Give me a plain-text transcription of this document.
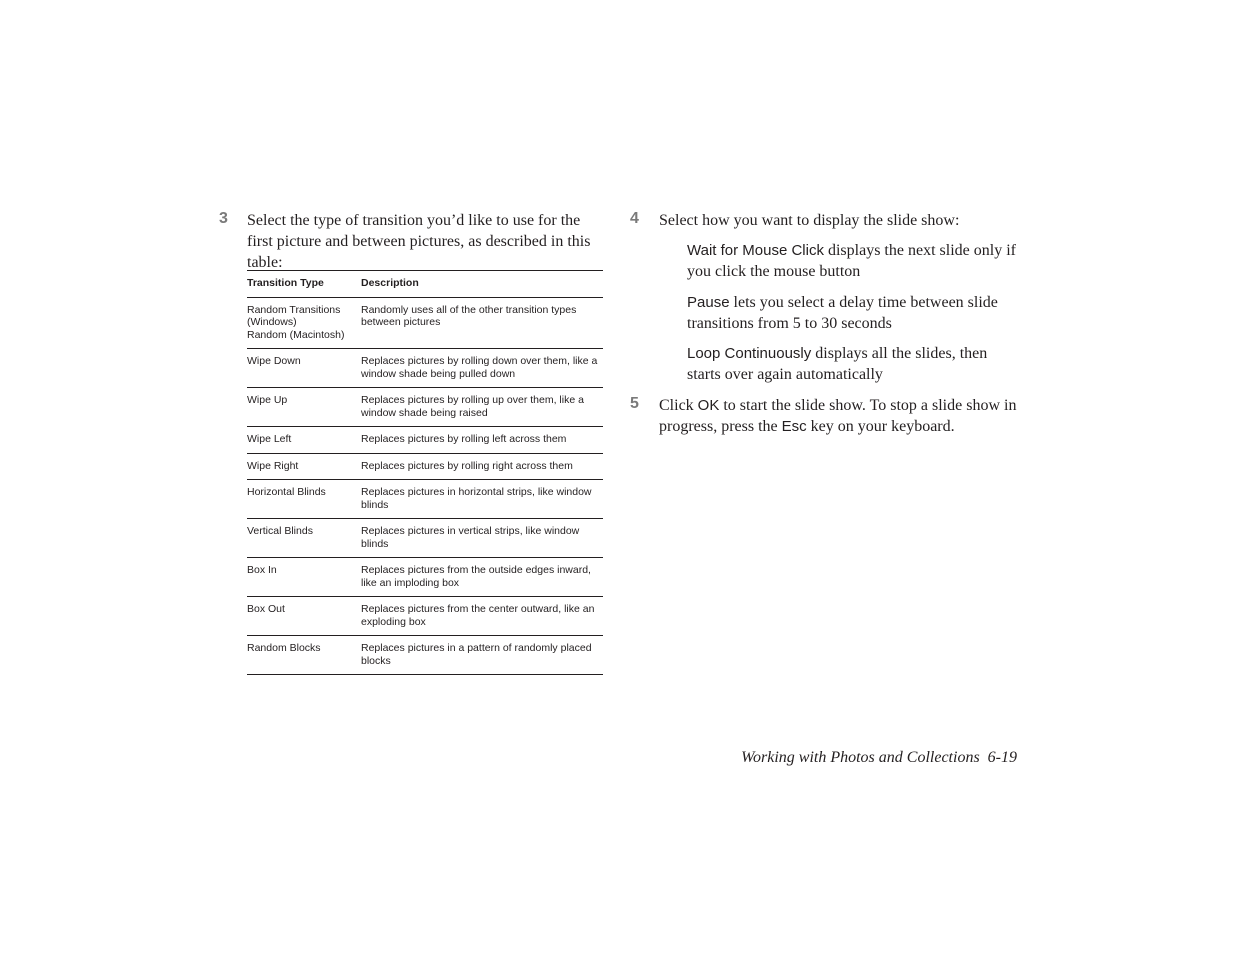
3 Select the type of transition you’d like to use for the first picture and between pictures, as described in this table:
Transition Type	Description

Random Transitions
(Windows)
Random (Macintosh)	Randomly uses all of the other transition types between pictures
Wipe Down	Replaces pictures by rolling down over them, like a window shade being pulled down
Wipe Up	Replaces pictures by rolling up over them, like a window shade being raised
Wipe Left	Replaces pictures by rolling left across them
Wipe Right	Replaces pictures by rolling right across them
Horizontal Blinds	Replaces pictures in horizontal strips, like window blinds
Vertical Blinds	Replaces pictures in vertical strips, like window blinds
Box In	Replaces pictures from the outside edges inward, like an imploding box
Box Out	Replaces pictures from the center outward, like an exploding box
Random Blocks	Replaces pictures in a pattern of randomly placed blocks
4 Select how you want to display the slide show:
Wait for Mouse Click displays the next slide only if you click the mouse button
Pause lets you select a delay time between slide transitions from 5 to 30 seconds
Loop Continuously displays all the slides, then starts over again automatically
5 Click OK to start the slide show. To stop a slide show in progress, press the Esc key on your keyboard.
Working with Photos and Collections 6-19
